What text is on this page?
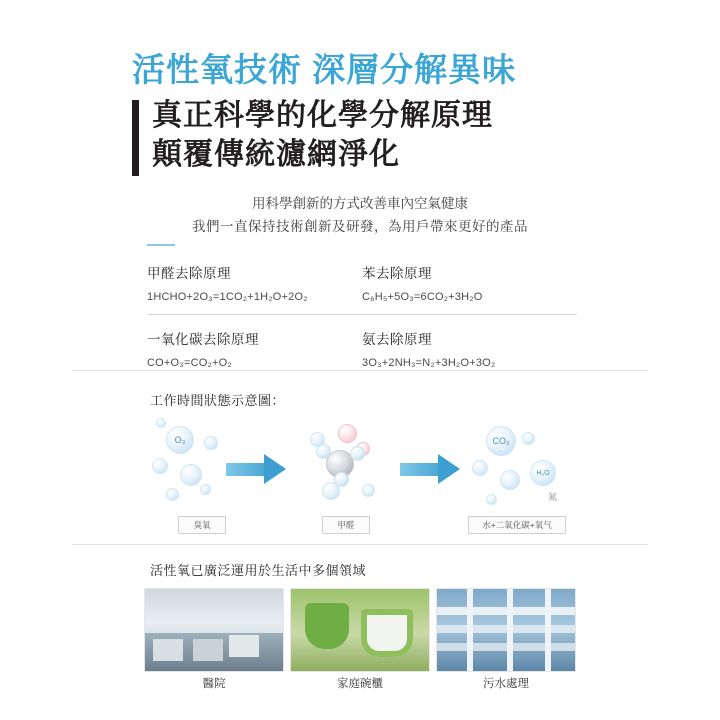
活性氧技術 深層分解異味
真正科學的化學分解原理
顛覆傳統濾網淨化
用科學創新的方式改善車內空氣健康
我們一直保持技術創新及研發，為用戶帶來更好的產品
甲醛去除原理
1HCHO+2O₃=1CO₂+1H₂O+2O₂
苯去除原理
C₆H₅+5O₃=6CO₂+3H₂O
一氧化碳去除原理
CO+O₃=CO₂+O₂
氨去除原理
3O₃+2NH₃=N₂+3H₂O+3O₂
工作時間狀態示意圖：
O₃	CO₂
H₂O
氮
臭氧	甲醛	水+二氧化碳+氧气
活性氧已廣泛運用於生活中多個領域
醫院	家庭碗櫃	污水處理
